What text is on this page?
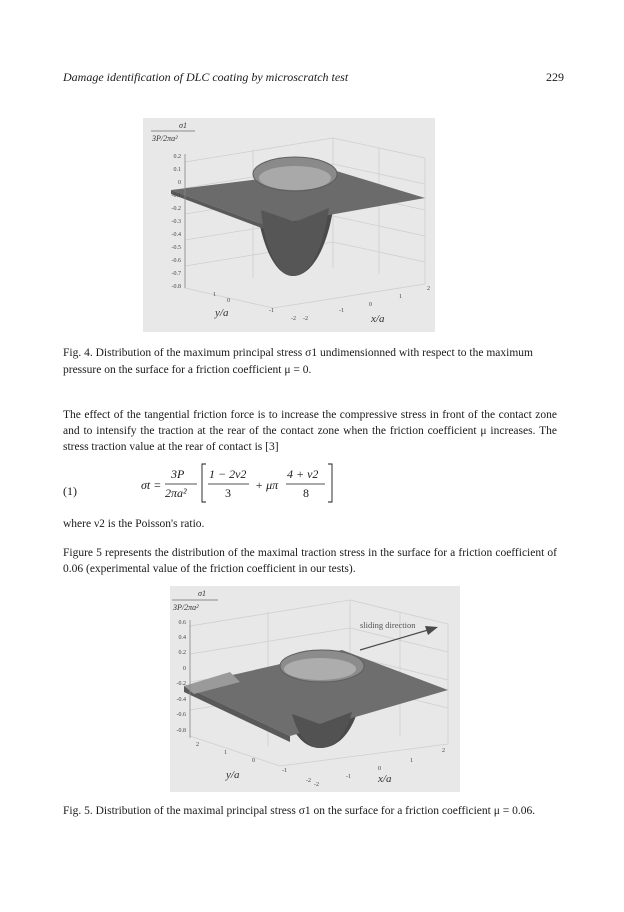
Damage identification of DLC coating by microscratch test	229
0.2
0.1
0
-0.1
-0.2
-0.3
-0.4
-0.5
-0.6
-0.7
-0.8
σ1
3P/2πa²
1
0
-1
-2 -2
-1
0
1
2
y/a	x/a
Fig. 4. Distribution of the maximum principal stress σ1 undimensionned with respect to the maximum pressure on the surface for a friction coefficient μ = 0.
The effect of the tangential friction force is to increase the compressive stress in front of the contact zone and to intensify the traction at the rear of the contact zone when the friction coefficient μ increases. The stress traction value at the rear of contact is [3]
(1)	σt =
3P
2πa²
1 − 2ν2
3
+ μπ
4 + ν2
8
where ν2 is the Poisson's ratio.
Figure 5 represents the distribution of the maximal traction stress in the surface for a friction coefficient of 0.06 (experimental value of the friction coefficient in our tests).
sliding direction
0.6
0.4
0.2
0
-0.2
-0.4
-0.6
-0.8
σ1
3P/2πa²
2
1
0
-1
-2
-2
-1
0
1
2
y/a	x/a
Fig. 5. Distribution of the maximal principal stress σ1 on the surface for a friction coefficient μ = 0.06.
